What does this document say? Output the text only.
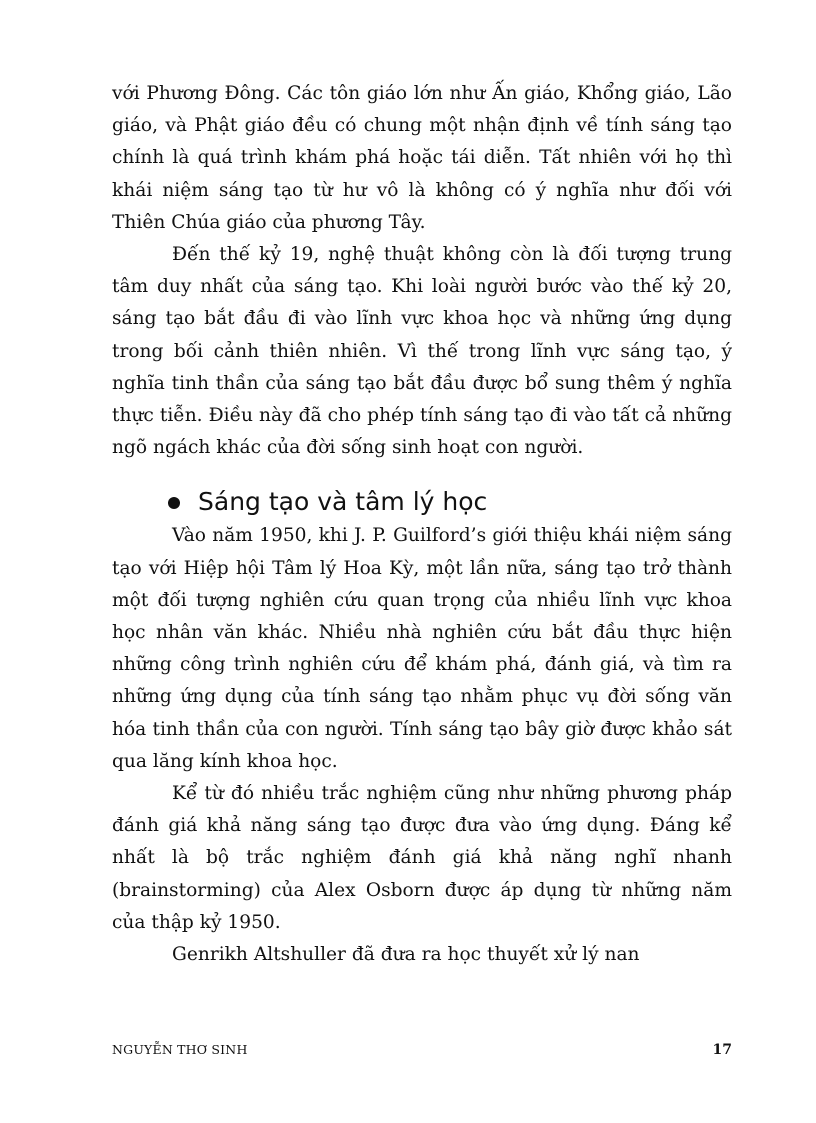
với Phương Đông. Các tôn giáo lớn như Ấn giáo, Khổng giáo, Lão giáo, và Phật giáo đều có chung một nhận định về tính sáng tạo chính là quá trình khám phá hoặc tái diễn. Tất nhiên với họ thì khái niệm sáng tạo từ hư vô là không có ý nghĩa như đối với Thiên Chúa giáo của phương Tây.

Đến thế kỷ 19, nghệ thuật không còn là đối tượng trung tâm duy nhất của sáng tạo. Khi loài người bước vào thế kỷ 20, sáng tạo bắt đầu đi vào lĩnh vực khoa học và những ứng dụng trong bối cảnh thiên nhiên. Vì thế trong lĩnh vực sáng tạo, ý nghĩa tinh thần của sáng tạo bắt đầu được bổ sung thêm ý nghĩa thực tiễn. Điều này đã cho phép tính sáng tạo đi vào tất cả những ngõ ngách khác của đời sống sinh hoạt con người.

Sáng tạo và tâm lý học

Vào năm 1950, khi J. P. Guilford’s giới thiệu khái niệm sáng tạo với Hiệp hội Tâm lý Hoa Kỳ, một lần nữa, sáng tạo trở thành một đối tượng nghiên cứu quan trọng của nhiều lĩnh vực khoa học nhân văn khác. Nhiều nhà nghiên cứu bắt đầu thực hiện những công trình nghiên cứu để khám phá, đánh giá, và tìm ra những ứng dụng của tính sáng tạo nhằm phục vụ đời sống văn hóa tinh thần của con người. Tính sáng tạo bây giờ được khảo sát qua lăng kính khoa học.

Kể từ đó nhiều trắc nghiệm cũng như những phương pháp đánh giá khả năng sáng tạo được đưa vào ứng dụng. Đáng kể nhất là bộ trắc nghiệm đánh giá khả năng nghĩ nhanh (brainstorming) của Alex Osborn được áp dụng từ những năm của thập kỷ 1950.

Genrikh Altshuller đã đưa ra học thuyết xử lý nan

NGUYỄN THƠ SINH	17
